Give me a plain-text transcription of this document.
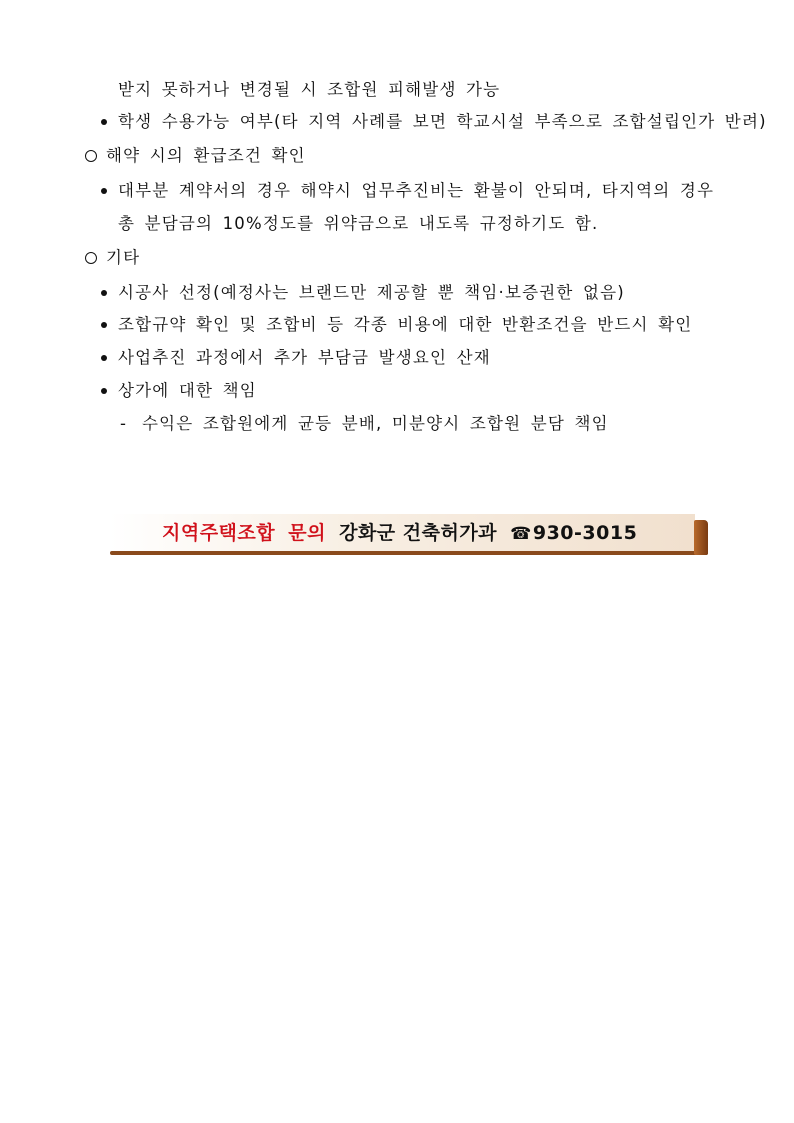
받지 못하거나 변경될 시 조합원 피해발생 가능
학생 수용가능 여부(타 지역 사례를 보면 학교시설 부족으로 조합설립인가 반려)
해약 시의 환급조건 확인
대부분 계약서의 경우 해약시 업무추진비는 환불이 안되며, 타지역의 경우
총 분담금의 10%정도를 위약금으로 내도록 규정하기도 함.
기타
시공사 선정(예정사는 브랜드만 제공할 뿐 책임·보증권한 없음)
조합규약 확인 및 조합비 등 각종 비용에 대한 반환조건을 반드시 확인
사업추진 과정에서 추가 부담금 발생요인 산재
상가에 대한 책임
- 수익은 조합원에게 균등 분배, 미분양시 조합원 분담 책임
지역주택조합 문의 강화군 건축허가과 ☎930-3015
